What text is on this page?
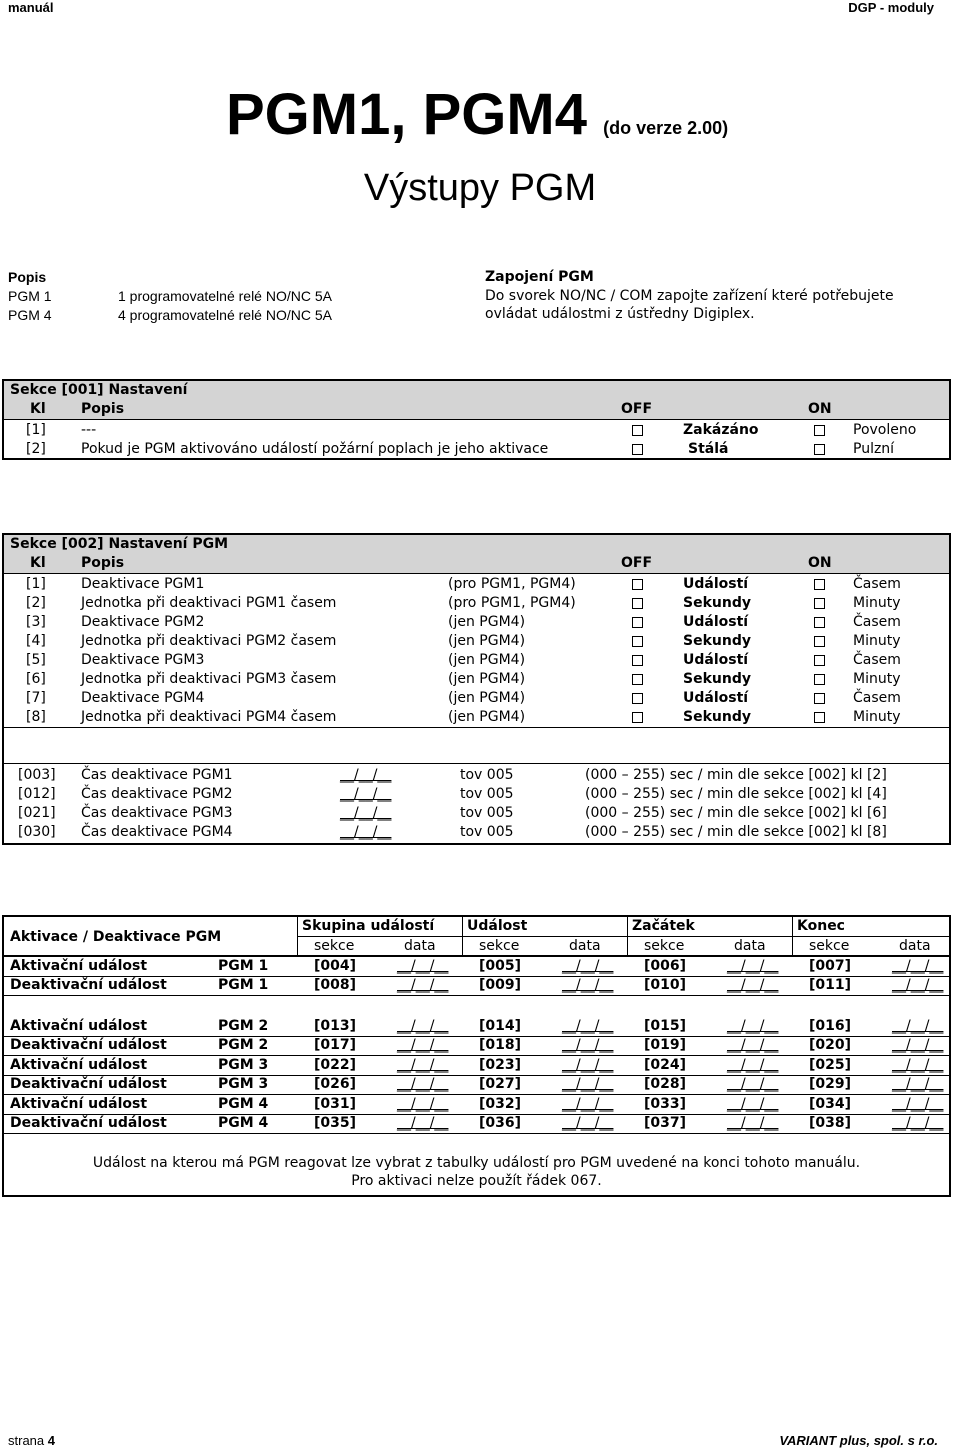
manuál	DGP - moduly
PGM1, PGM4 (do verze 2.00)
Výstupy PGM
Popis
PGM 1	1 programovatelné relé NO/NC 5A
PGM 4	4 programovatelné relé NO/NC 5A
Zapojení PGM
Do svorek NO/NC / COM zapojte zařízení které potřebujete
ovládat událostmi z ústředny Digiplex.
Sekce [001] Nastavení
Kl	Popis	OFF	ON
[1]	---	Zakázáno	Povoleno
[2]	Pokud je PGM aktivováno událostí požární poplach je jeho aktivace	Stálá	Pulzní
Sekce [002] Nastavení PGM
Kl	Popis	OFF	ON
[1]	Deaktivace PGM1	(pro PGM1, PGM4)	Událostí	Časem
[2]	Jednotka při deaktivaci PGM1 časem	(pro PGM1, PGM4)	Sekundy	Minuty
[3]	Deaktivace PGM2	(jen PGM4)	Událostí	Časem
[4]	Jednotka při deaktivaci PGM2 časem	(jen PGM4)	Sekundy	Minuty
[5]	Deaktivace PGM3	(jen PGM4)	Událostí	Časem
[6]	Jednotka při deaktivaci PGM3 časem	(jen PGM4)	Sekundy	Minuty
[7]	Deaktivace PGM4	(jen PGM4)	Událostí	Časem
[8]	Jednotka při deaktivaci PGM4 časem	(jen PGM4)	Sekundy	Minuty
[003] Čas deaktivace PGM1	__/__/__	tov 005	(000 – 255) sec / min dle sekce [002] kl [2]
[012] Čas deaktivace PGM2	__/__/__	tov 005	(000 – 255) sec / min dle sekce [002] kl [4]
[021] Čas deaktivace PGM3	__/__/__	tov 005	(000 – 255) sec / min dle sekce [002] kl [6]
[030] Čas deaktivace PGM4	__/__/__	tov 005	(000 – 255) sec / min dle sekce [002] kl [8]
Aktivace / Deaktivace PGM
Skupina událostí Událost	Začátek	Konec
sekce	data	sekce	data	sekce	data	sekce	data
Aktivační událost	PGM 1	[004]	__/__/__ [005]	__/__/__ [006]	__/__/__ [007]	__/__/__
Deaktivační událost	PGM 1	[008]	__/__/__ [009]	__/__/__ [010]	__/__/__ [011]	__/__/__
Aktivační událost	PGM 2	[013]	__/__/__ [014]	__/__/__ [015]	__/__/__ [016]	__/__/__
Deaktivační událost	PGM 2	[017]	__/__/__ [018]	__/__/__ [019]	__/__/__ [020]	__/__/__
Aktivační událost	PGM 3	[022]	__/__/__ [023]	__/__/__ [024]	__/__/__ [025]	__/__/__
Deaktivační událost	PGM 3	[026]	__/__/__ [027]	__/__/__ [028]	__/__/__ [029]	__/__/__
Aktivační událost	PGM 4	[031]	__/__/__ [032]	__/__/__ [033]	__/__/__ [034]	__/__/__
Deaktivační událost	PGM 4	[035]	__/__/__ [036]	__/__/__ [037]	__/__/__ [038]	__/__/__
Událost na kterou má PGM reagovat lze vybrat z tabulky událostí pro PGM uvedené na konci tohoto manuálu.
Pro aktivaci nelze použít řádek 067.
strana 4	VARIANT plus, spol. s r.o.
